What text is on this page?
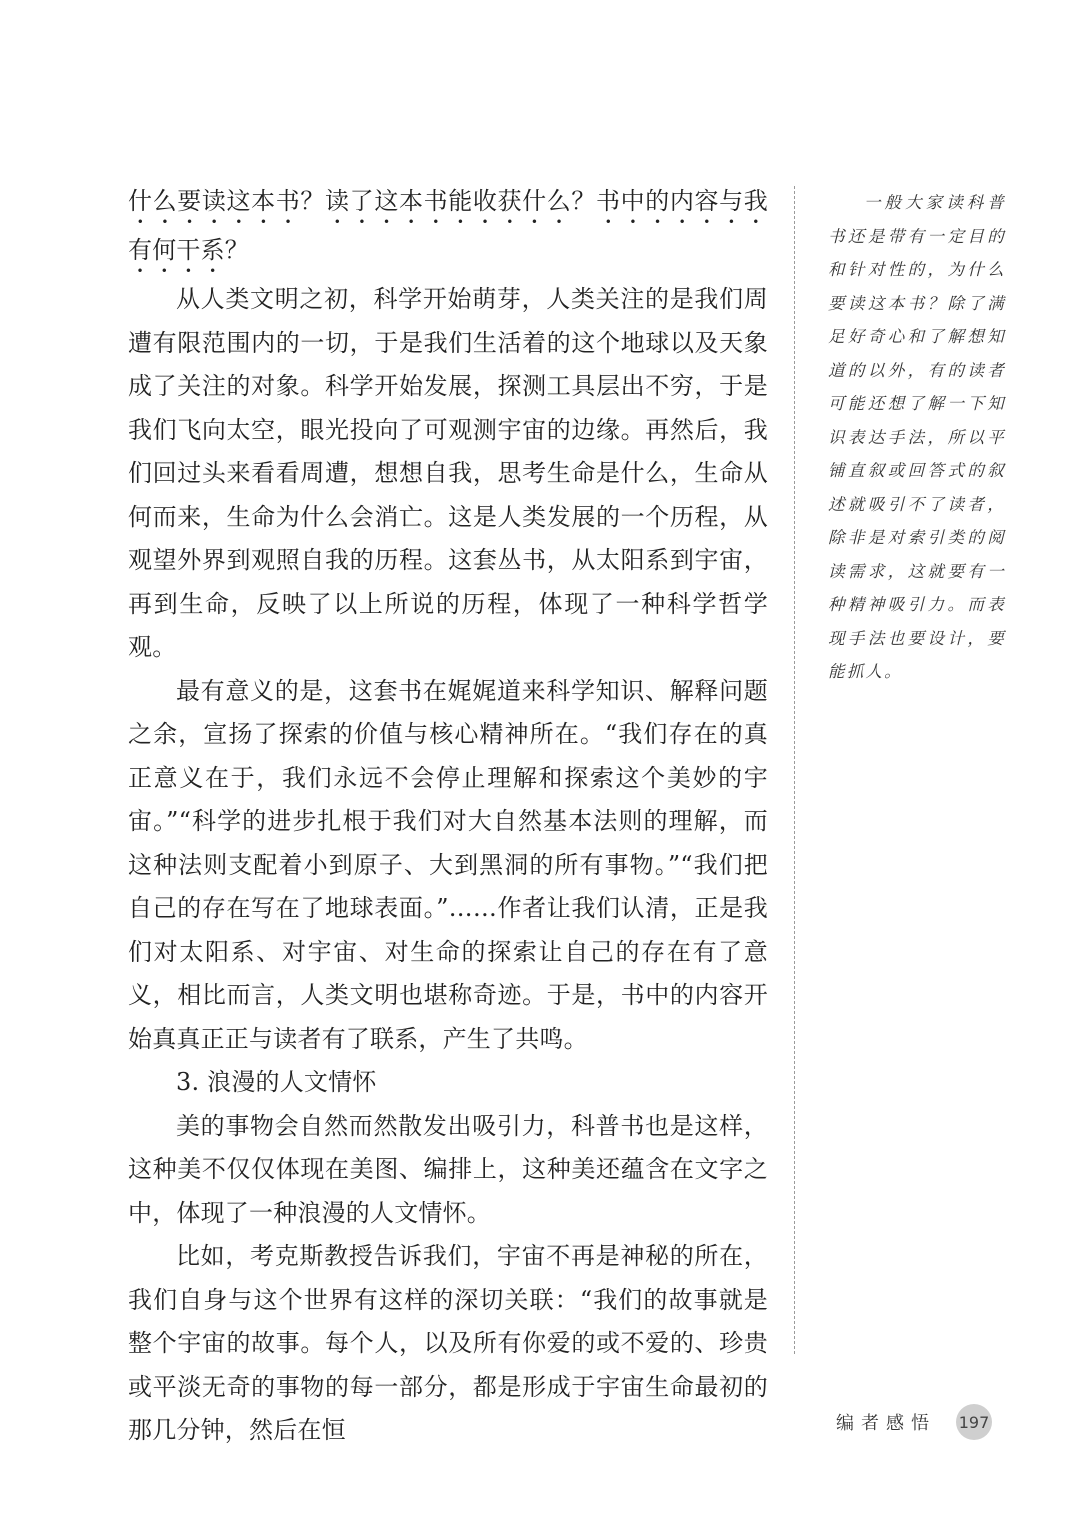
什么要读这本书？读了这本书能收获什么？书中的内容与我有何干系？

从人类文明之初，科学开始萌芽，人类关注的是我们周遭有限范围内的一切，于是我们生活着的这个地球以及天象成了关注的对象。科学开始发展，探测工具层出不穷，于是我们飞向太空，眼光投向了可观测宇宙的边缘。再然后，我们回过头来看看周遭，想想自我，思考生命是什么，生命从何而来，生命为什么会消亡。这是人类发展的一个历程，从观望外界到观照自我的历程。这套丛书，从太阳系到宇宙，再到生命，反映了以上所说的历程，体现了一种科学哲学观。

最有意义的是，这套书在娓娓道来科学知识、解释问题之余，宣扬了探索的价值与核心精神所在。“我们存在的真正意义在于，我们永远不会停止理解和探索这个美妙的宇宙。”“科学的进步扎根于我们对大自然基本法则的理解，而这种法则支配着小到原子、大到黑洞的所有事物。”“我们把自己的存在写在了地球表面。”……作者让我们认清，正是我们对太阳系、对宇宙、对生命的探索让自己的存在有了意义，相比而言，人类文明也堪称奇迹。于是，书中的内容开始真真正正与读者有了联系，产生了共鸣。

3. 浪漫的人文情怀

美的事物会自然而然散发出吸引力，科普书也是这样，这种美不仅仅体现在美图、编排上，这种美还蕴含在文字之中，体现了一种浪漫的人文情怀。

比如，考克斯教授告诉我们，宇宙不再是神秘的所在，我们自身与这个世界有这样的深切关联：“我们的故事就是整个宇宙的故事。每个人，以及所有你爱的或不爱的、珍贵或平淡无奇的事物的每一部分，都是形成于宇宙生命最初的那几分钟，然后在恒

一般大家读科普书还是带有一定目的和针对性的，为什么要读这本书？除了满足好奇心和了解想知道的以外，有的读者可能还想了解一下知识表达手法，所以平铺直叙或回答式的叙述就吸引不了读者，除非是对索引类的阅读需求，这就要有一种精神吸引力。而表现手法也要设计，要能抓人。
编者感悟 197
